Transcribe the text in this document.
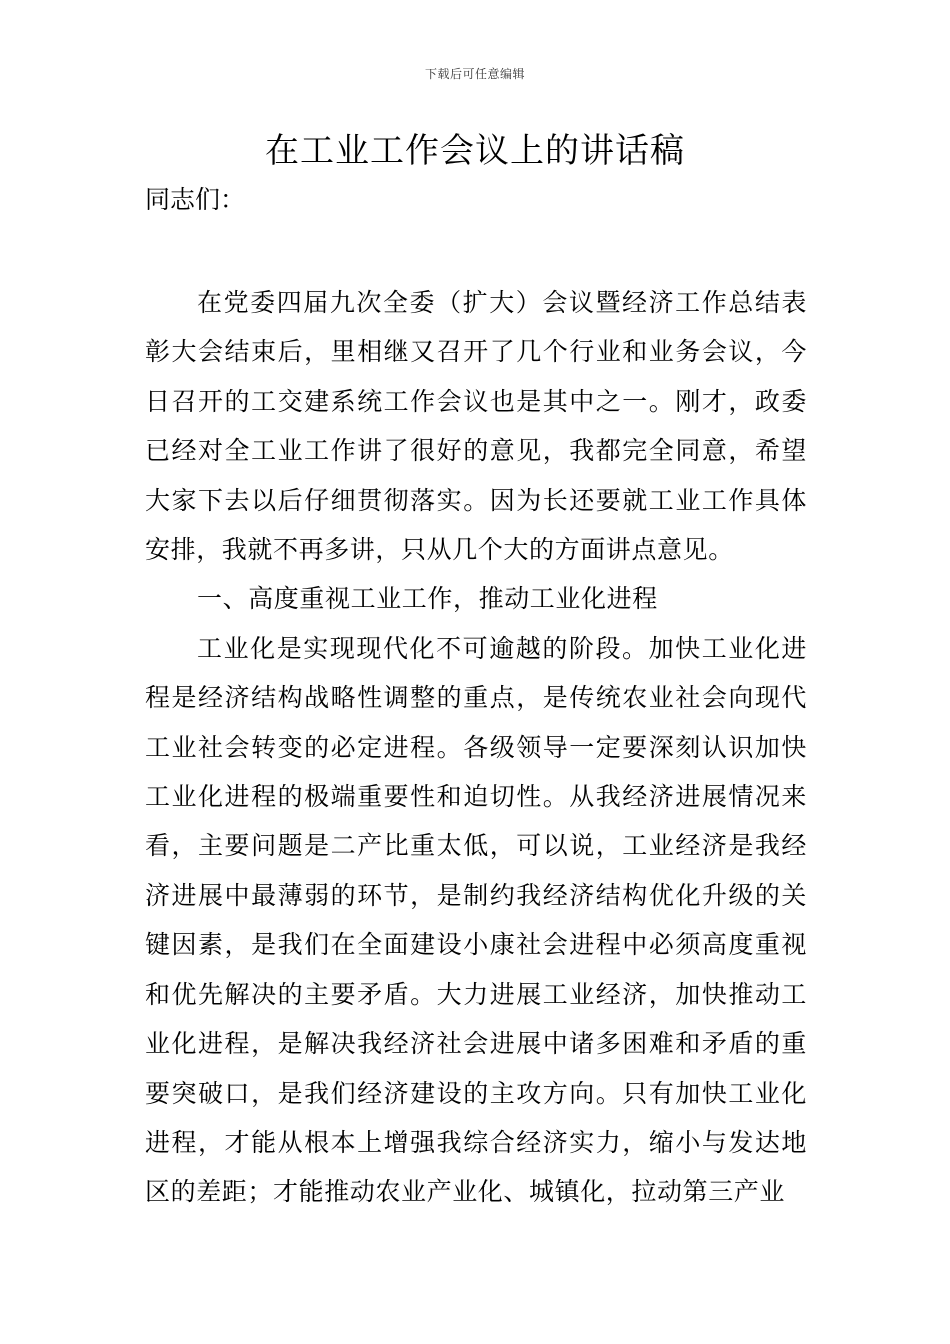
下载后可任意编辑
在工业工作会议上的讲话稿

同志们：

在党委四届九次全委（扩大）会议暨经济工作总结表彰大会结束后，里相继又召开了几个行业和业务会议，今日召开的工交建系统工作会议也是其中之一。刚才，政委已经对全工业工作讲了很好的意见，我都完全同意，希望大家下去以后仔细贯彻落实。因为长还要就工业工作具体安排，我就不再多讲，只从几个大的方面讲点意见。

一、高度重视工业工作，推动工业化进程

工业化是实现现代化不可逾越的阶段。加快工业化进程是经济结构战略性调整的重点，是传统农业社会向现代工业社会转变的必定进程。各级领导一定要深刻认识加快工业化进程的极端重要性和迫切性。从我经济进展情况来看，主要问题是二产比重太低，可以说，工业经济是我经济进展中最薄弱的环节，是制约我经济结构优化升级的关键因素，是我们在全面建设小康社会进程中必须高度重视和优先解决的主要矛盾。大力进展工业经济，加快推动工业化进程，是解决我经济社会进展中诸多困难和矛盾的重要突破口，是我们经济建设的主攻方向。只有加快工业化进程，才能从根本上增强我综合经济实力，缩小与发达地区的差距；才能推动农业产业化、城镇化，拉动第三产业
